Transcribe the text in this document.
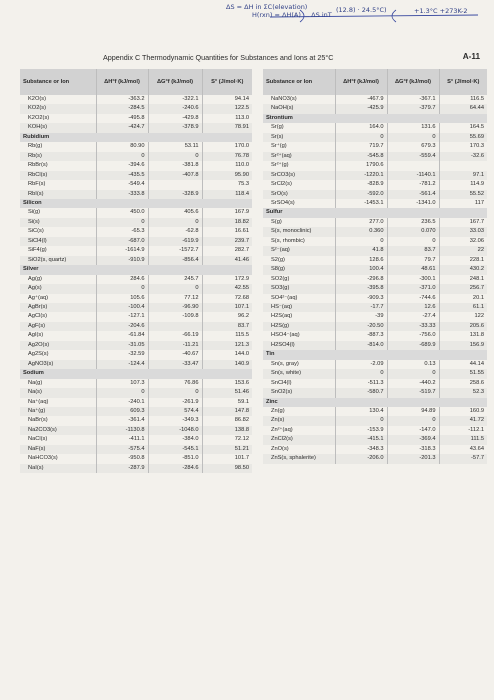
ΔS = ΔH in ΣC(elevation)
H(rxn) = ΔH(A) ... ΔS inT
(12.8) · 24.5°C)	+1.3°C +273K-2
Appendix C Thermodynamic Quantities for Substances and Ions at 25°C	A-11
Substance or Ion	ΔH°f (kJ/mol)	ΔG°f (kJ/mol)	S° (J/mol·K)
K2O(s)	-363.2	-322.1	94.14
KO2(s)	-284.5	-240.6	122.5
K2O2(s)	-495.8	-429.8	113.0
KOH(s)	-424.7	-378.9	78.91
Rubidium			
Rb(g)	80.90	53.11	170.0
Rb(s)	0	0	76.78
RbBr(s)	-394.6	-381.8	110.0
RbCl(s)	-435.5	-407.8	95.90
RbF(s)	-549.4		75.3
RbI(s)	-333.8	-328.9	118.4
Silicon			
Si(g)	450.0	405.6	167.9
Si(s)	0	0	18.82
SiC(s)	-65.3	-62.8	16.61
SiCl4(l)	-687.0	-619.9	239.7
SiF4(g)	-1614.9	-1572.7	282.7
SiO2(s, quartz)	-910.9	-856.4	41.46
Silver			
Ag(g)	284.6	245.7	172.9
Ag(s)	0	0	42.55
Ag⁺(aq)	105.6	77.12	72.68
AgBr(s)	-100.4	-96.90	107.1
AgCl(s)	-127.1	-109.8	96.2
AgF(s)	-204.6		83.7
AgI(s)	-61.84	-66.19	115.5
Ag2O(s)	-31.05	-11.21	121.3
Ag2S(s)	-32.59	-40.67	144.0
AgNO3(s)	-124.4	-33.47	140.9
Sodium			
Na(g)	107.3	76.86	153.6
Na(s)	0	0	51.46
Na⁺(aq)	-240.1	-261.9	59.1
Na⁺(g)	609.3	574.4	147.8
NaBr(s)	-361.4	-349.3	86.82
Na2CO3(s)	-1130.8	-1048.0	138.8
NaCl(s)	-411.1	-384.0	72.12
NaF(s)	-575.4	-545.1	51.21
NaHCO3(s)	-950.8	-851.0	101.7
NaI(s)	-287.9	-284.6	98.50
Substance or Ion	ΔH°f (kJ/mol)	ΔG°f (kJ/mol)	S° (J/mol·K)
NaNO3(s)	-467.9	-367.1	116.5
NaOH(s)	-425.9	-379.7	64.44
Strontium			
Sr(g)	164.0	131.6	164.5
Sr(s)	0	0	55.69
Sr⁺(g)	719.7	679.3	170.3
Sr²⁺(aq)	-545.8	-559.4	-32.6
Sr²⁺(g)	1790.6		
SrCO3(s)	-1220.1	-1140.1	97.1
SrCl2(s)	-828.9	-781.2	114.9
SrO(s)	-592.0	-561.4	55.52
SrSO4(s)	-1453.1	-1341.0	117
Sulfur			
S(g)	277.0	236.5	167.7
S(s, monoclinic)	0.360	0.070	33.03
S(s, rhombic)	0	0	32.06
S²⁻(aq)	41.8	83.7	22
S2(g)	128.6	79.7	228.1
S8(g)	100.4	48.61	430.2
SO2(g)	-296.8	-300.1	248.1
SO3(g)	-395.8	-371.0	256.7
SO4²⁻(aq)	-909.3	-744.6	20.1
HS⁻(aq)	-17.7	12.6	61.1
H2S(aq)	-39	-27.4	122
H2S(g)	-20.50	-33.33	205.6
HSO4⁻(aq)	-887.3	-756.0	131.8
H2SO4(l)	-814.0	-689.9	156.9
Tin			
Sn(s, gray)	-2.09	0.13	44.14
Sn(s, white)	0	0	51.55
SnCl4(l)	-511.3	-440.2	258.6
SnO2(s)	-580.7	-519.7	52.3
Zinc			
Zn(g)	130.4	94.89	160.9
Zn(s)	0	0	41.72
Zn²⁺(aq)	-153.9	-147.0	-112.1
ZnCl2(s)	-415.1	-369.4	111.5
ZnO(s)	-348.3	-318.3	43.64
ZnS(s, sphalerite)	-206.0	-201.3	-57.7
